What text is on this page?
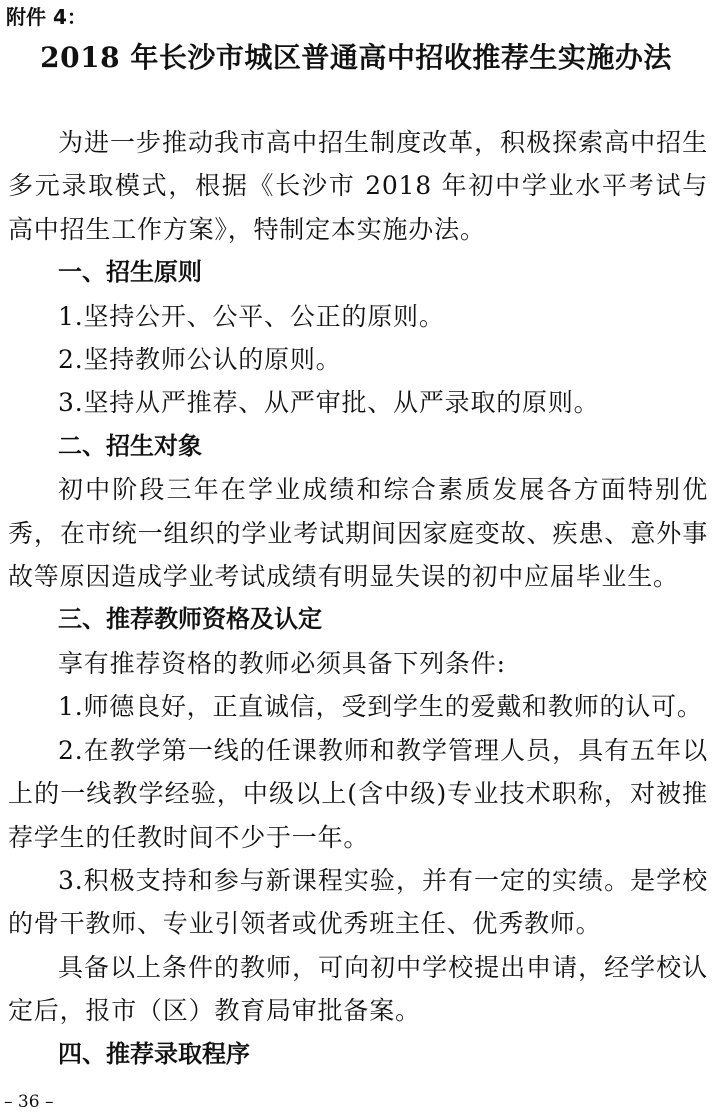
附件 4：
2018 年长沙市城区普通高中招收推荐生实施办法

为进一步推动我市高中招生制度改革，积极探索高中招生多元录取模式，根据《长沙市 2018 年初中学业水平考试与高中招生工作方案》，特制定本实施办法。

一、招生原则

1.坚持公开、公平、公正的原则。

2.坚持教师公认的原则。

3.坚持从严推荐、从严审批、从严录取的原则。

二、招生对象

初中阶段三年在学业成绩和综合素质发展各方面特别优秀，在市统一组织的学业考试期间因家庭变故、疾患、意外事故等原因造成学业考试成绩有明显失误的初中应届毕业生。

三、推荐教师资格及认定

享有推荐资格的教师必须具备下列条件:

1.师德良好，正直诚信，受到学生的爱戴和教师的认可。

2.在教学第一线的任课教师和教学管理人员，具有五年以上的一线教学经验，中级以上(含中级)专业技术职称，对被推荐学生的任教时间不少于一年。

3.积极支持和参与新课程实验，并有一定的实绩。是学校的骨干教师、专业引领者或优秀班主任、优秀教师。

具备以上条件的教师，可向初中学校提出申请，经学校认定后，报市（区）教育局审批备案。

四、推荐录取程序

– 36 –
